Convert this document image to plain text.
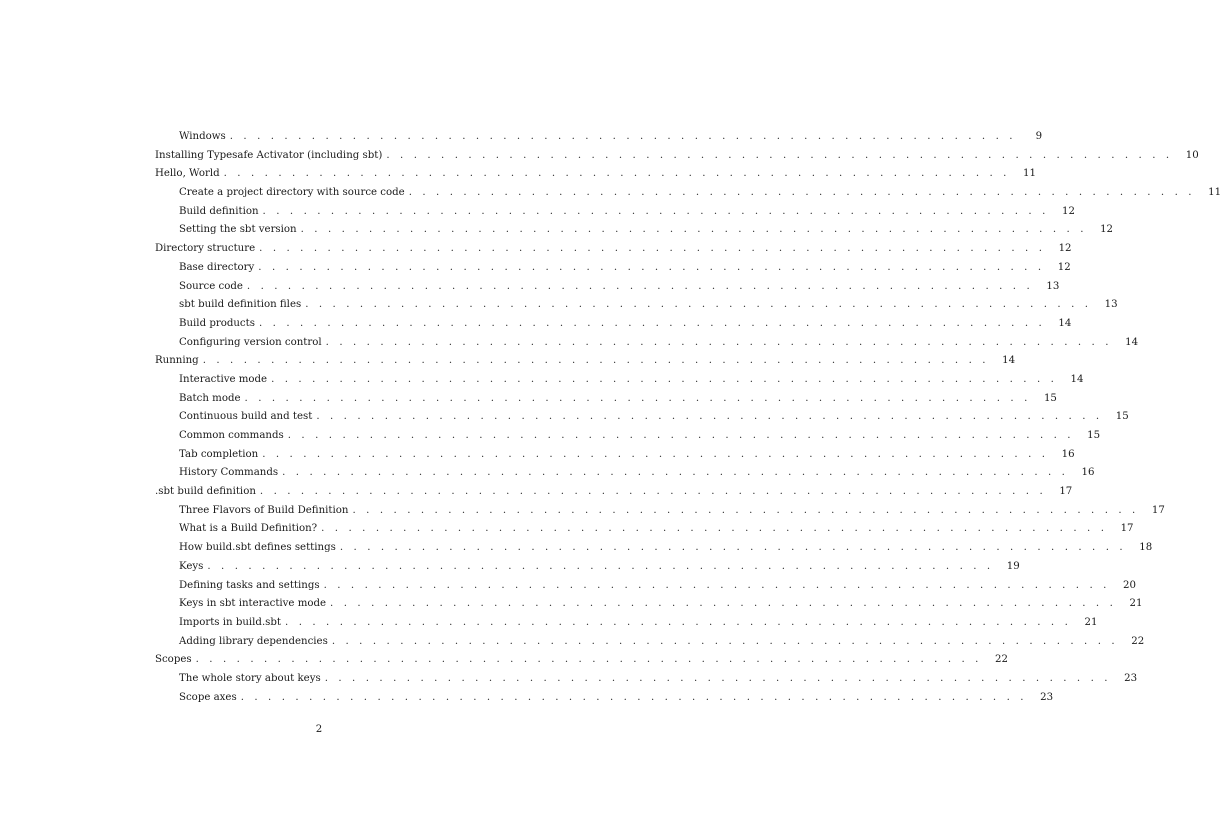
Windows . . . . . . . . . . . . . . . . . . . . . . . . . . . . . . . . . . . . . . . . . . . . . . . . . . . . . . . . . .	9
Installing Typesafe Activator (including sbt) . . . . . . . . . . . . . . . . . . . . . . . . . . . . . . . . . . . . . . . . . . . . . . . . . . . . . . . . . .	10
Hello, World . . . . . . . . . . . . . . . . . . . . . . . . . . . . . . . . . . . . . . . . . . . . . . . . . . . . . . . . . .	11
Create a project directory with source code . . . . . . . . . . . . . . . . . . . . . . . . . . . . . . . . . . . . . . . . . . . . . . . . . . . . . . . . . .	11
Build definition . . . . . . . . . . . . . . . . . . . . . . . . . . . . . . . . . . . . . . . . . . . . . . . . . . . . . . . . . .	12
Setting the sbt version . . . . . . . . . . . . . . . . . . . . . . . . . . . . . . . . . . . . . . . . . . . . . . . . . . . . . . . . . .	12
Directory structure . . . . . . . . . . . . . . . . . . . . . . . . . . . . . . . . . . . . . . . . . . . . . . . . . . . . . . . . . .	12
Base directory . . . . . . . . . . . . . . . . . . . . . . . . . . . . . . . . . . . . . . . . . . . . . . . . . . . . . . . . . .	12
Source code . . . . . . . . . . . . . . . . . . . . . . . . . . . . . . . . . . . . . . . . . . . . . . . . . . . . . . . . . .	13
sbt build definition files . . . . . . . . . . . . . . . . . . . . . . . . . . . . . . . . . . . . . . . . . . . . . . . . . . . . . . . . . .	13
Build products . . . . . . . . . . . . . . . . . . . . . . . . . . . . . . . . . . . . . . . . . . . . . . . . . . . . . . . . . .	14
Configuring version control . . . . . . . . . . . . . . . . . . . . . . . . . . . . . . . . . . . . . . . . . . . . . . . . . . . . . . . . . .	14
Running . . . . . . . . . . . . . . . . . . . . . . . . . . . . . . . . . . . . . . . . . . . . . . . . . . . . . . . . . .	14
Interactive mode . . . . . . . . . . . . . . . . . . . . . . . . . . . . . . . . . . . . . . . . . . . . . . . . . . . . . . . . . .	14
Batch mode . . . . . . . . . . . . . . . . . . . . . . . . . . . . . . . . . . . . . . . . . . . . . . . . . . . . . . . . . .	15
Continuous build and test . . . . . . . . . . . . . . . . . . . . . . . . . . . . . . . . . . . . . . . . . . . . . . . . . . . . . . . . . .	15
Common commands . . . . . . . . . . . . . . . . . . . . . . . . . . . . . . . . . . . . . . . . . . . . . . . . . . . . . . . . . .	15
Tab completion . . . . . . . . . . . . . . . . . . . . . . . . . . . . . . . . . . . . . . . . . . . . . . . . . . . . . . . . . .	16
History Commands . . . . . . . . . . . . . . . . . . . . . . . . . . . . . . . . . . . . . . . . . . . . . . . . . . . . . . . . . .	16
.sbt build definition . . . . . . . . . . . . . . . . . . . . . . . . . . . . . . . . . . . . . . . . . . . . . . . . . . . . . . . . . .	17
Three Flavors of Build Definition . . . . . . . . . . . . . . . . . . . . . . . . . . . . . . . . . . . . . . . . . . . . . . . . . . . . . . . . . .	17
What is a Build Definition? . . . . . . . . . . . . . . . . . . . . . . . . . . . . . . . . . . . . . . . . . . . . . . . . . . . . . . . . . .	17
How build.sbt defines settings . . . . . . . . . . . . . . . . . . . . . . . . . . . . . . . . . . . . . . . . . . . . . . . . . . . . . . . . . .	18
Keys . . . . . . . . . . . . . . . . . . . . . . . . . . . . . . . . . . . . . . . . . . . . . . . . . . . . . . . . . .	19
Defining tasks and settings . . . . . . . . . . . . . . . . . . . . . . . . . . . . . . . . . . . . . . . . . . . . . . . . . . . . . . . . . .	20
Keys in sbt interactive mode . . . . . . . . . . . . . . . . . . . . . . . . . . . . . . . . . . . . . . . . . . . . . . . . . . . . . . . . . .	21
Imports in build.sbt . . . . . . . . . . . . . . . . . . . . . . . . . . . . . . . . . . . . . . . . . . . . . . . . . . . . . . . . . .	21
Adding library dependencies . . . . . . . . . . . . . . . . . . . . . . . . . . . . . . . . . . . . . . . . . . . . . . . . . . . . . . . . . .	22
Scopes . . . . . . . . . . . . . . . . . . . . . . . . . . . . . . . . . . . . . . . . . . . . . . . . . . . . . . . . . .	22
The whole story about keys . . . . . . . . . . . . . . . . . . . . . . . . . . . . . . . . . . . . . . . . . . . . . . . . . . . . . . . . . .	23
Scope axes . . . . . . . . . . . . . . . . . . . . . . . . . . . . . . . . . . . . . . . . . . . . . . . . . . . . . . . . . .	23
2
